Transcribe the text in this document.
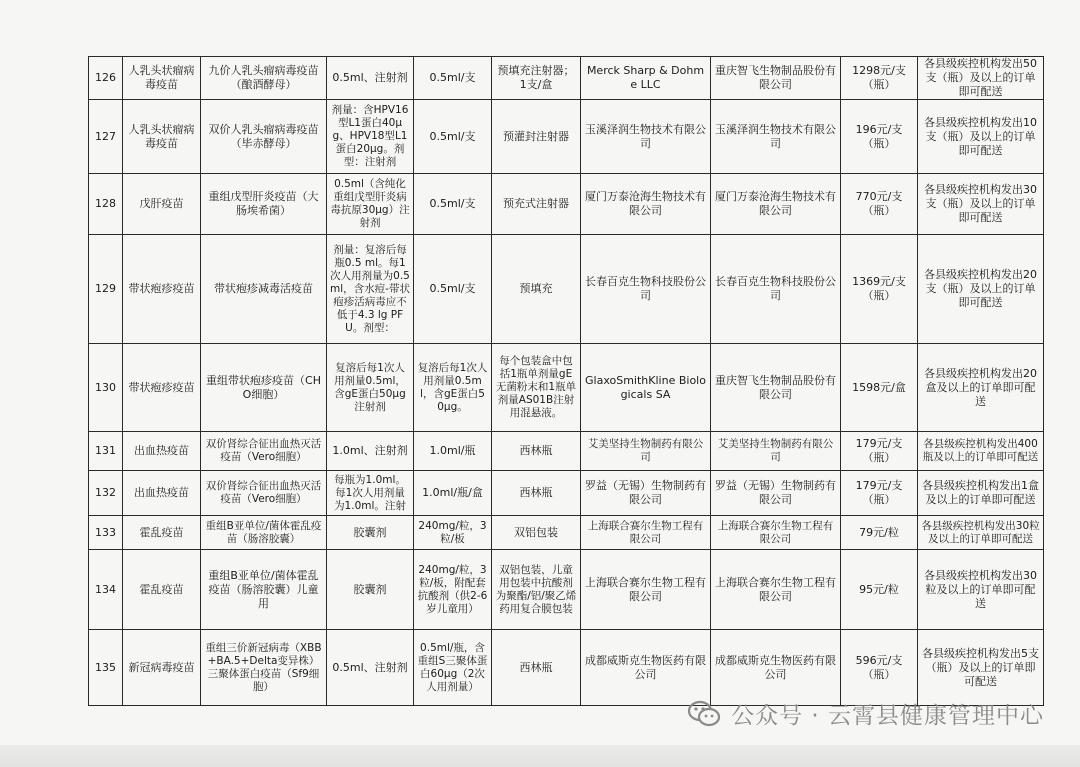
126	人乳头状瘤病毒疫苗	九价人乳头瘤病毒疫苗（酿酒酵母）	0.5ml、注射剂	0.5ml/支	预填充注射器；1支/盒	Merck Sharp & Dohme LLC	重庆智飞生物制品股份有限公司	1298元/支（瓶）	各县级疾控机构发出50支（瓶）及以上的订单即可配送
127	人乳头状瘤病毒疫苗	双价人乳头瘤病毒疫苗（毕赤酵母）	剂量：含HPV16型L1蛋白40μg、HPV18型L1蛋白20μg。剂型：注射剂	0.5ml/支	预灌封注射器	玉溪泽润生物技术有限公司	玉溪泽润生物技术有限公司	196元/支（瓶）	各县级疾控机构发出10支（瓶）及以上的订单即可配送
128	戊肝疫苗	重组戊型肝炎疫苗（大肠埃希菌）	0.5ml（含纯化重组戊型肝炎病毒抗原30μg）注射剂	0.5ml/支	预充式注射器	厦门万泰沧海生物技术有限公司	厦门万泰沧海生物技术有限公司	770元/支（瓶）	各县级疾控机构发出30支（瓶）及以上的订单即可配送
129	带状疱疹疫苗	带状疱疹减毒活疫苗	剂量：复溶后每瓶0.5 ml。每1次人用剂量为0.5 ml，含水痘-带状疱疹活病毒应不低于4.3 lg PFU。剂型：	0.5ml/支	预填充	长春百克生物科技股份公司	长春百克生物科技股份公司	1369元/支（瓶）	各县级疾控机构发出20支（瓶）及以上的订单即可配送
130	带状疱疹疫苗	重组带状疱疹疫苗（CHO细胞）	复溶后每1次人用剂量0.5ml，含gE蛋白50μg注射剂	复溶后每1次人用剂量0.5ml，含gE蛋白50μg。	每个包装盒中包括1瓶单剂量gE无菌粉末和1瓶单剂量AS01B注射用混悬液。	GlaxoSmithKline Biologicals SA	重庆智飞生物制品股份有限公司	1598元/盒	各县级疾控机构发出20盒及以上的订单即可配送
131	出血热疫苗	双价肾综合征出血热灭活疫苗（Vero细胞）	1.0ml、注射剂	1.0ml/瓶	西林瓶	艾美坚持生物制药有限公司	艾美坚持生物制药有限公司	179元/支（瓶）	各县级疾控机构发出400瓶及以上的订单即可配送
132	出血热疫苗	双价肾综合征出血热灭活疫苗（Vero细胞）	每瓶为1.0ml。每1次人用剂量为1.0ml。注射	1.0ml/瓶/盒	西林瓶	罗益（无锡）生物制药有限公司	罗益（无锡）生物制药有限公司	179元/支（瓶）	各县级疾控机构发出1盒及以上的订单即可配送
133	霍乱疫苗	重组B亚单位/菌体霍乱疫苗（肠溶胶囊）	胶囊剂	240mg/粒，3粒/板	双铝包装	上海联合赛尔生物工程有限公司	上海联合赛尔生物工程有限公司	79元/粒	各县级疾控机构发出30粒及以上的订单即可配送
134	霍乱疫苗	重组B亚单位/菌体霍乱疫苗（肠溶胶囊）儿童用	胶囊剂	240mg/粒，3粒/板，附配套抗酸剂（供2-6岁儿童用）	双铝包装，儿童用包装中抗酸剂为聚酯/铝/聚乙烯药用复合膜包装	上海联合赛尔生物工程有限公司	上海联合赛尔生物工程有限公司	95元/粒	各县级疾控机构发出30粒及以上的订单即可配送
135	新冠病毒疫苗	重组三价新冠病毒（XBB+BA.5+Delta变异株）三聚体蛋白疫苗（Sf9细胞）	0.5ml、注射剂	0.5ml/瓶，含重组S三聚体蛋白60μg（2次人用剂量）	西林瓶	成都威斯克生物医药有限公司	成都威斯克生物医药有限公司	596元/支（瓶）	各县级疾控机构发出5支（瓶）及以上的订单即可配送
公众号 · 云霄县健康管理中心
